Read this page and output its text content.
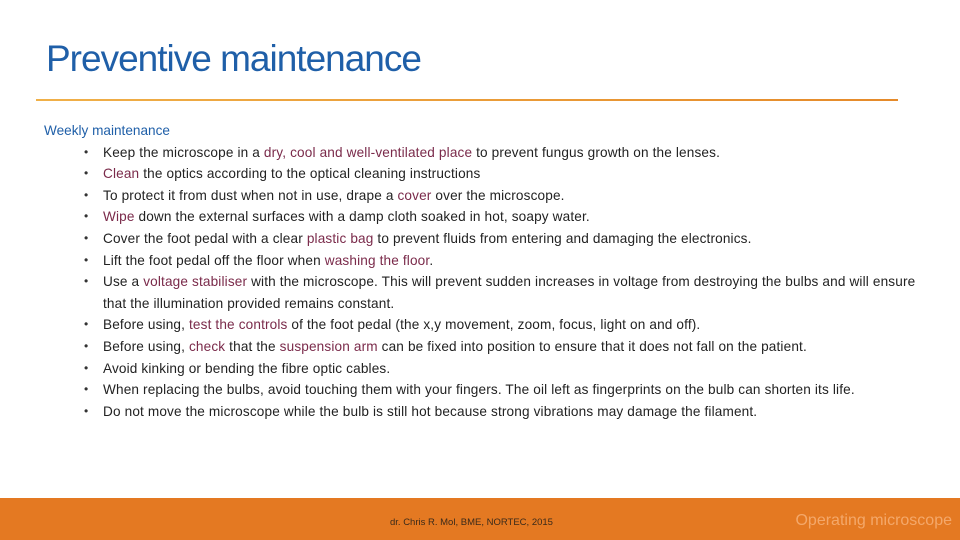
Preventive maintenance
Weekly maintenance
• Keep the microscope in a dry, cool and well-ventilated place to prevent fungus growth on the lenses.
• Clean the optics according to the optical cleaning instructions
• To protect it from dust when not in use, drape a cover over the microscope.
• Wipe down the external surfaces with a damp cloth soaked in hot, soapy water.
• Cover the foot pedal with a clear plastic bag to prevent fluids from entering and damaging the electronics.
• Lift the foot pedal off the floor when washing the floor.
• Use a voltage stabiliser with the microscope. This will prevent sudden increases in voltage from destroying the bulbs and will ensure that the illumination provided remains constant.
• Before using, test the controls of the foot pedal (the x,y movement, zoom, focus, light on and off).
• Before using, check that the suspension arm can be fixed into position to ensure that it does not fall on the patient.
• Avoid kinking or bending the fibre optic cables.
• When replacing the bulbs, avoid touching them with your fingers. The oil left as fingerprints on the bulb can shorten its life.
• Do not move the microscope while the bulb is still hot because strong vibrations may damage the filament.
dr. Chris R. Mol, BME, NORTEC, 2015	Operating microscope
